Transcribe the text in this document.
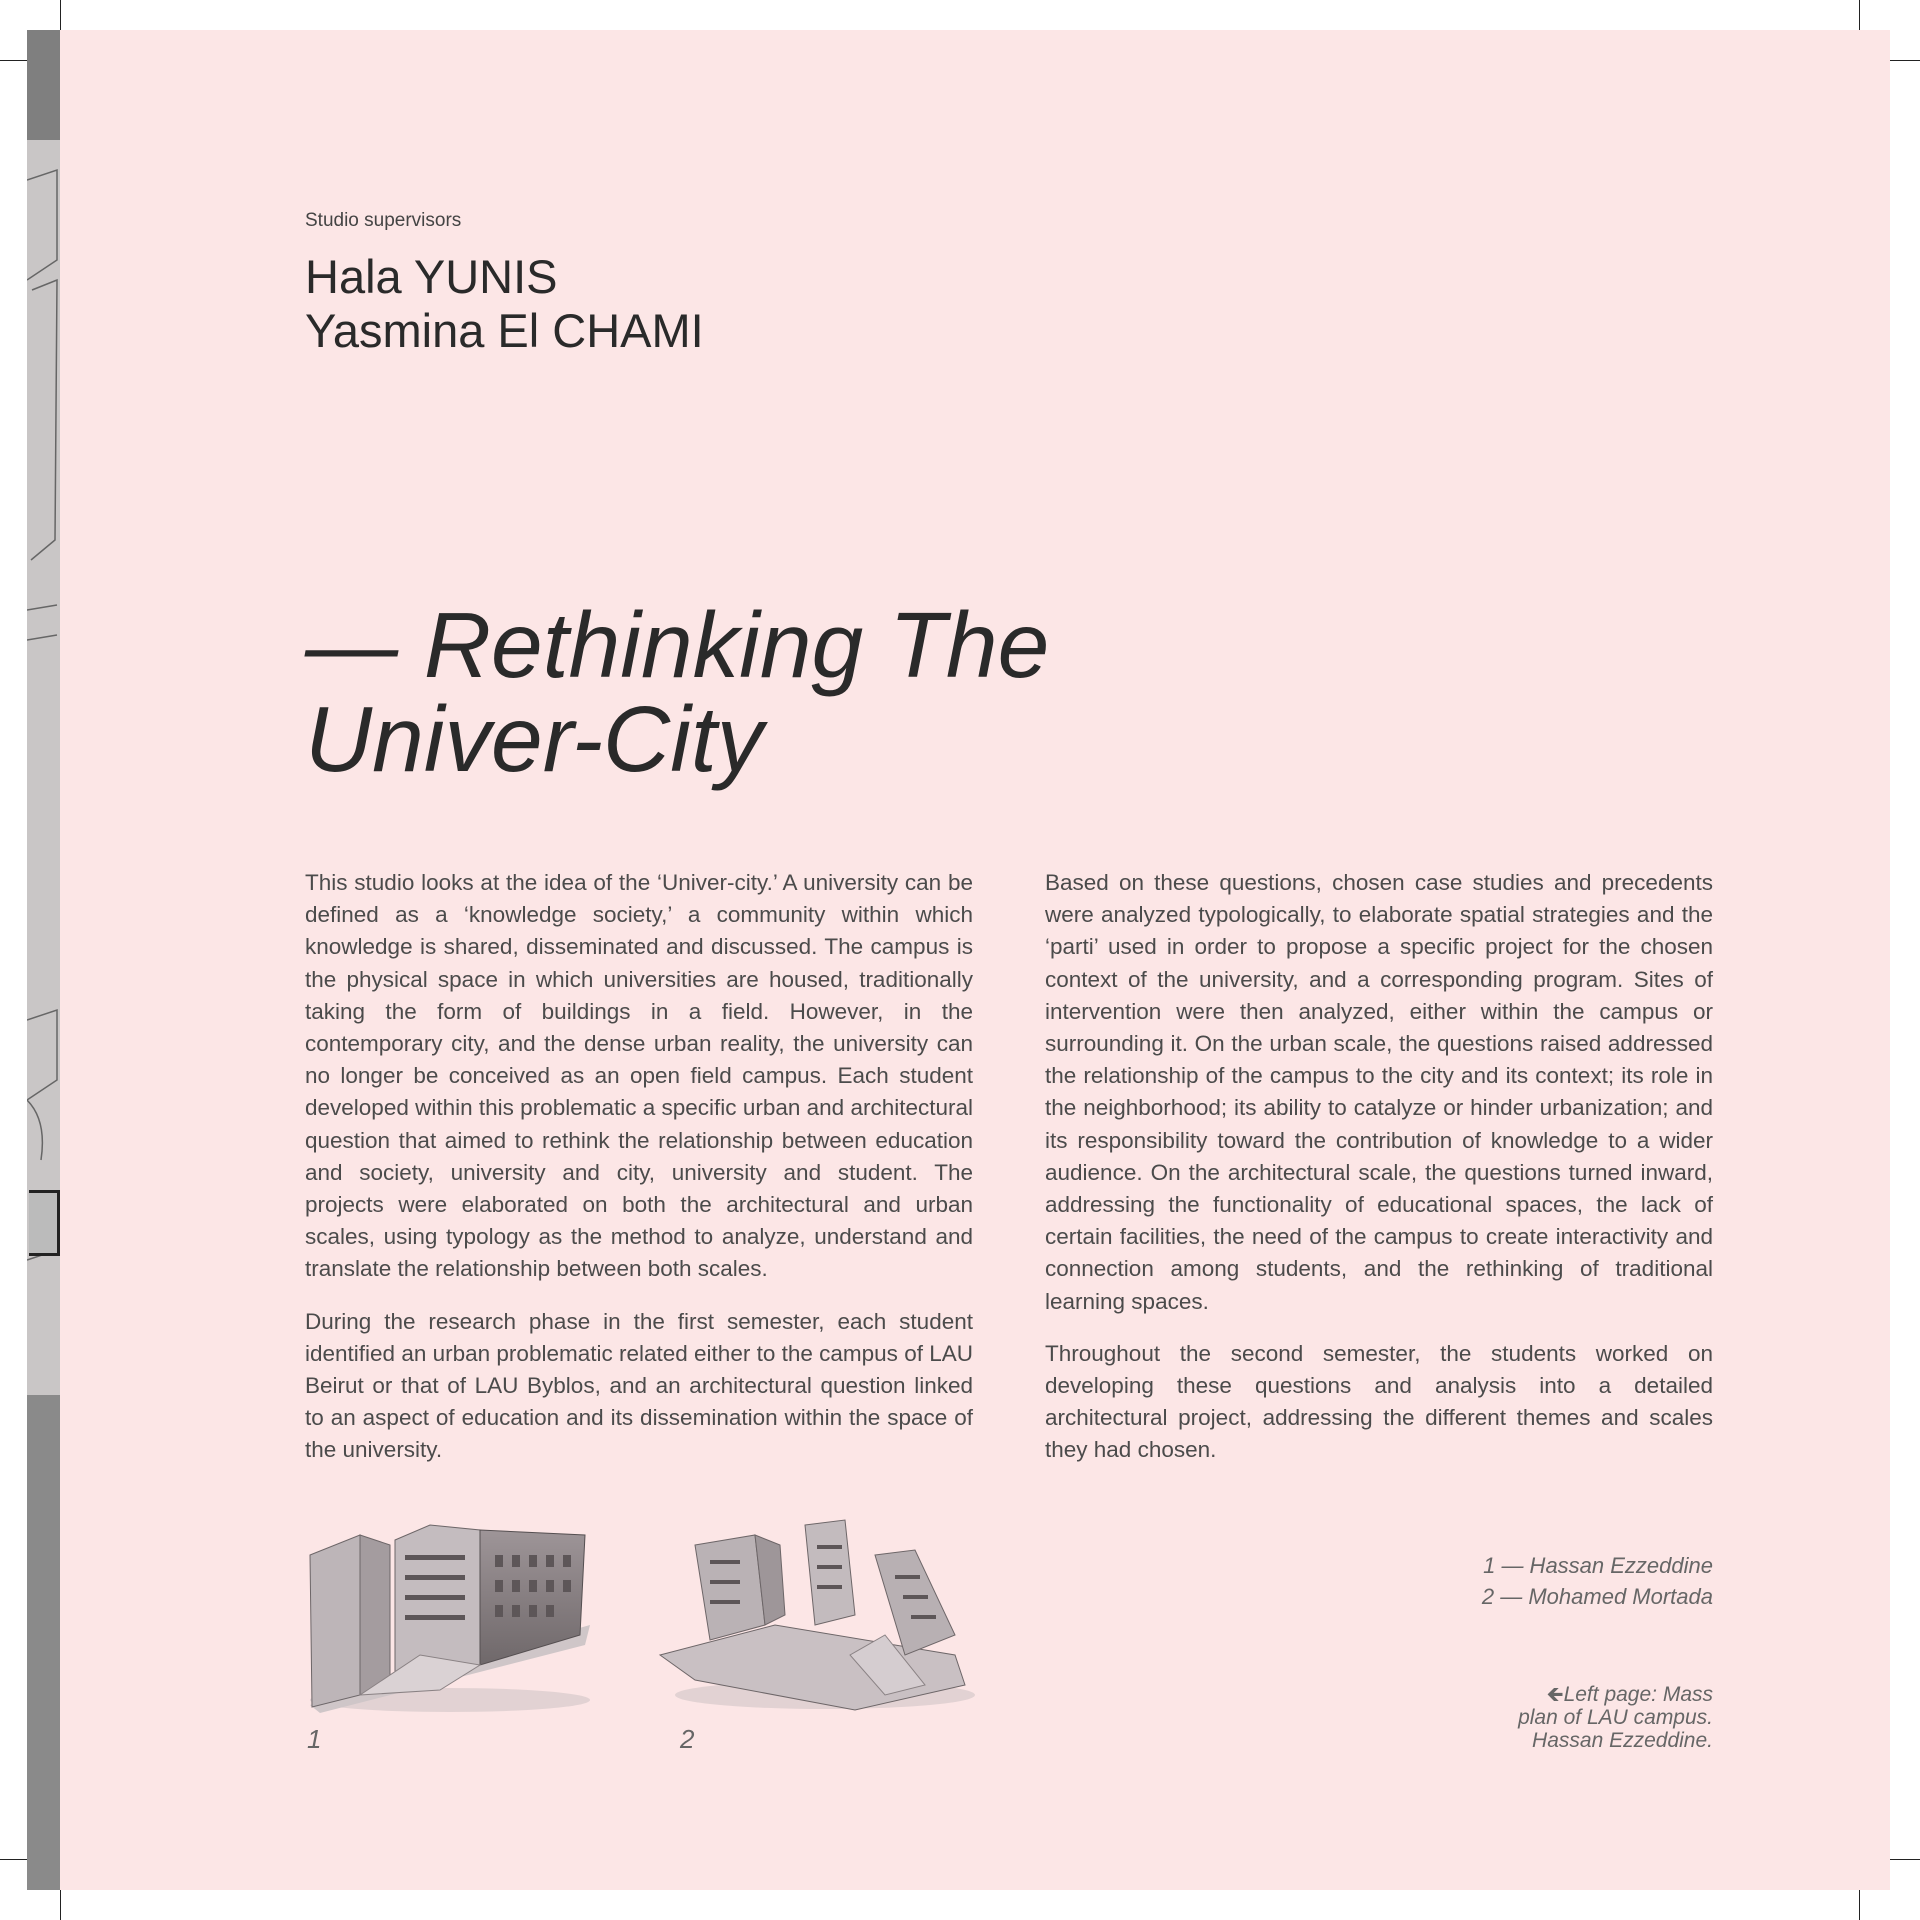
Studio supervisors
Hala YUNIS
Yasmina El CHAMI
— Rethinking The
Univer-City

This studio looks at the idea of the ‘Univer-city.’ A university can be defined as a ‘knowledge society,’ a community within which knowledge is shared, disseminated and discussed. The campus is the physical space in which universities are housed, traditionally taking the form of buildings in a field. However, in the contemporary city, and the dense urban reality, the university can no longer be conceived as an open field campus. Each student developed within this problematic a specific urban and architectural question that aimed to rethink the relationship between education and society, university and city, university and student. The projects were elaborated on both the architectural and urban scales, using typology as the method to analyze, understand and translate the relationship between both scales.

During the research phase in the first semester, each student identified an urban problematic related either to the campus of LAU Beirut or that of LAU Byblos, and an architectural question linked to an aspect of education and its dissemination within the space of the university.

Based on these questions, chosen case studies and precedents were analyzed typologically, to elaborate spatial strategies and the ‘parti’ used in order to propose a specific project for the chosen context of the university, and a corresponding program. Sites of intervention were then analyzed, either within the campus or surrounding it. On the urban scale, the questions raised addressed the relationship of the campus to the city and its context; its role in the neighborhood; its ability to catalyze or hinder urbanization; and its responsibility toward the contribution of knowledge to a wider audience. On the architectural scale, the questions turned inward, addressing the functionality of educational spaces, the lack of certain facilities, the need of the campus to create interactivity and connection among students, and the rethinking of traditional learning spaces.

Throughout the second semester, the students worked on developing these questions and analysis into a detailed architectural project, addressing the different themes and scales they had chosen.

1	2
1 — Hassan Ezzeddine
2 — Mohamed Mortada
🡸Left page: Mass
plan of LAU campus.
Hassan Ezzeddine.
